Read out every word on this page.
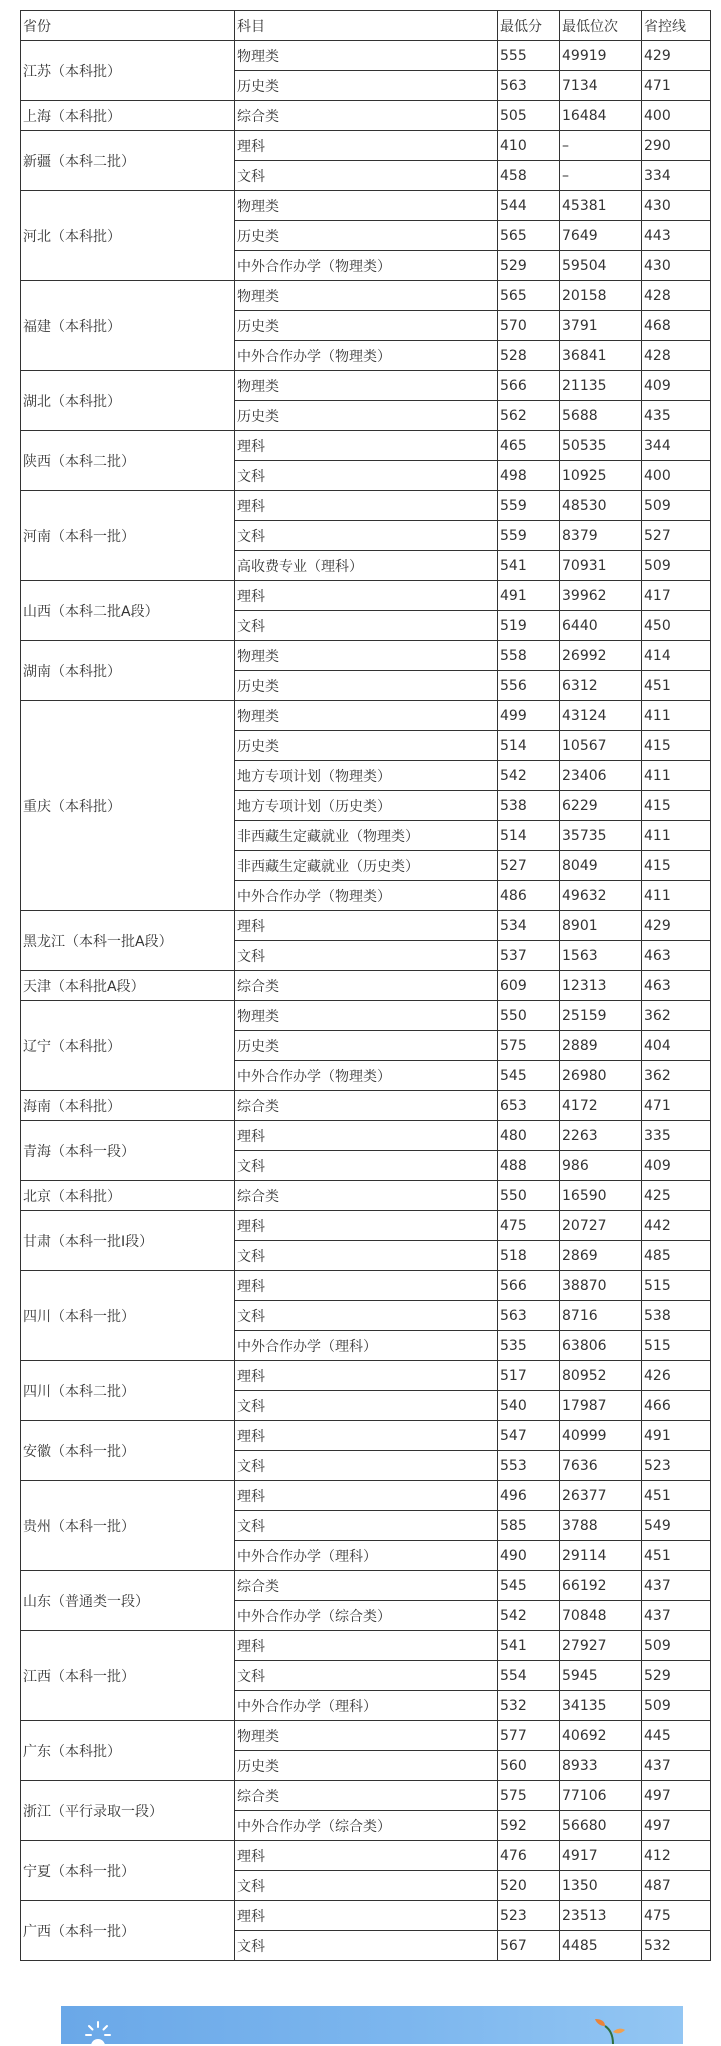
省份	科目	最低分	最低位次	省控线
江苏（本科批）	物理类	555	49919	429
	历史类	563	7134	471
上海（本科批）	综合类	505	16484	400
新疆（本科二批）	理科	410	–	290
	文科	458	–	334
河北（本科批）	物理类	544	45381	430
	历史类	565	7649	443
	中外合作办学（物理类）	529	59504	430
福建（本科批）	物理类	565	20158	428
	历史类	570	3791	468
	中外合作办学（物理类）	528	36841	428
湖北（本科批）	物理类	566	21135	409
	历史类	562	5688	435
陕西（本科二批）	理科	465	50535	344
	文科	498	10925	400
河南（本科一批）	理科	559	48530	509
	文科	559	8379	527
	高收费专业（理科）	541	70931	509
山西（本科二批A段）	理科	491	39962	417
	文科	519	6440	450
湖南（本科批）	物理类	558	26992	414
	历史类	556	6312	451
重庆（本科批）	物理类	499	43124	411
	历史类	514	10567	415
	地方专项计划（物理类）	542	23406	411
	地方专项计划（历史类）	538	6229	415
	非西藏生定藏就业（物理类）	514	35735	411
	非西藏生定藏就业（历史类）	527	8049	415
	中外合作办学（物理类）	486	49632	411
黑龙江（本科一批A段）	理科	534	8901	429
	文科	537	1563	463
天津（本科批A段）	综合类	609	12313	463
辽宁（本科批）	物理类	550	25159	362
	历史类	575	2889	404
	中外合作办学（物理类）	545	26980	362
海南（本科批）	综合类	653	4172	471
青海（本科一段）	理科	480	2263	335
	文科	488	986	409
北京（本科批）	综合类	550	16590	425
甘肃（本科一批I段）	理科	475	20727	442
	文科	518	2869	485
四川（本科一批）	理科	566	38870	515
	文科	563	8716	538
	中外合作办学（理科）	535	63806	515
四川（本科二批）	理科	517	80952	426
	文科	540	17987	466
安徽（本科一批）	理科	547	40999	491
	文科	553	7636	523
贵州（本科一批）	理科	496	26377	451
	文科	585	3788	549
	中外合作办学（理科）	490	29114	451
山东（普通类一段）	综合类	545	66192	437
	中外合作办学（综合类）	542	70848	437
江西（本科一批）	理科	541	27927	509
	文科	554	5945	529
	中外合作办学（理科）	532	34135	509
广东（本科批）	物理类	577	40692	445
	历史类	560	8933	437
浙江（平行录取一段）	综合类	575	77106	497
	中外合作办学（综合类）	592	56680	497
宁夏（本科一批）	理科	476	4917	412
	文科	520	1350	487
广西（本科一批）	理科	523	23513	475
	文科	567	4485	532
